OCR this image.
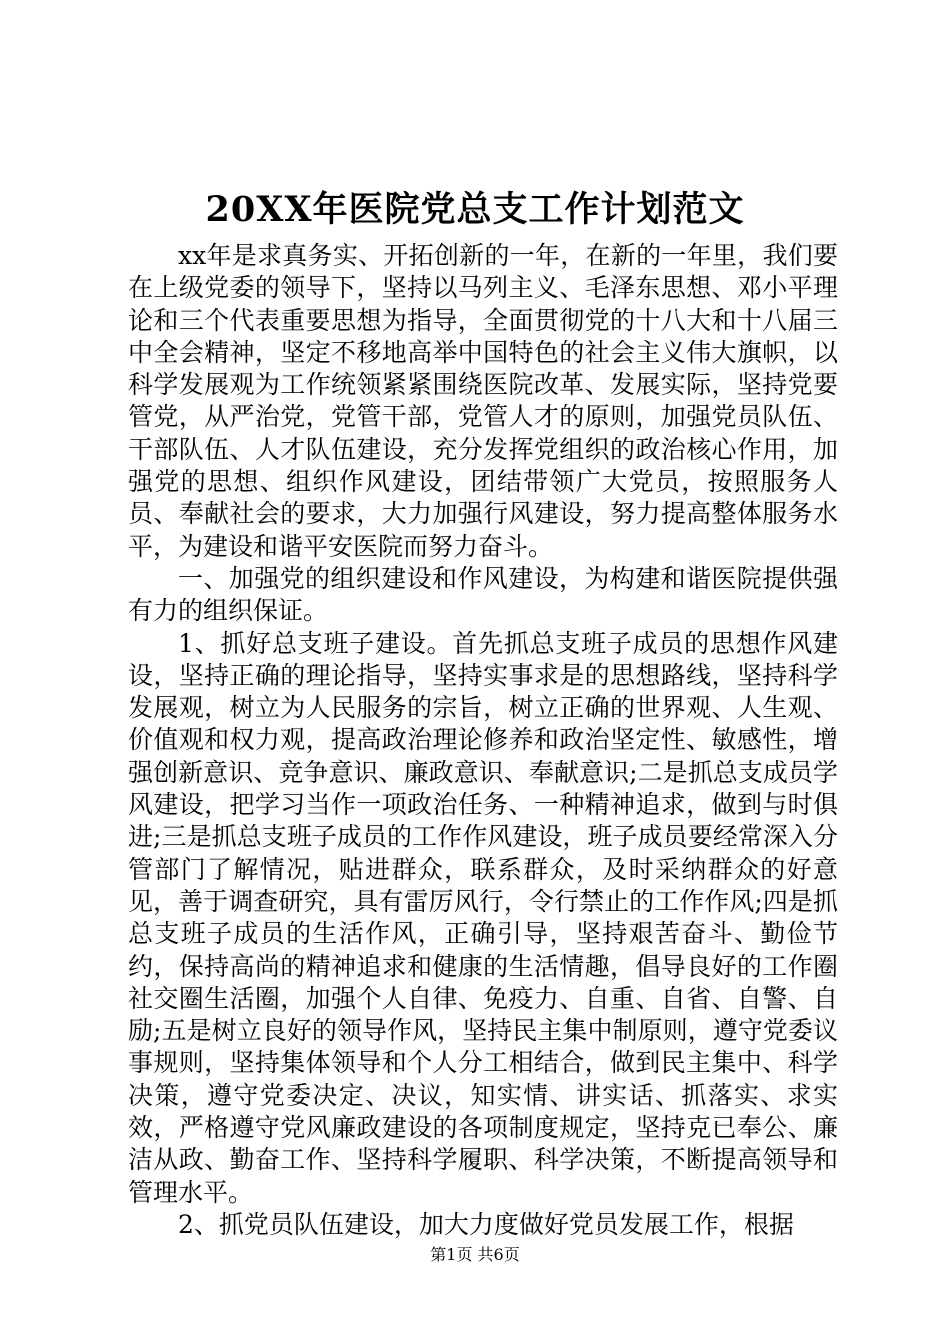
20XX年医院党总支工作计划范文

xx年是求真务实、开拓创新的一年，在新的一年里，我们要在上级党委的领导下，坚持以马列主义、毛泽东思想、邓小平理论和三个代表重要思想为指导，全面贯彻党的十八大和十八届三中全会精神，坚定不移地高举中国特色的社会主义伟大旗帜，以科学发展观为工作统领紧紧围绕医院改革、发展实际，坚持党要管党，从严治党，党管干部，党管人才的原则，加强党员队伍、干部队伍、人才队伍建设，充分发挥党组织的政治核心作用，加强党的思想、组织作风建设，团结带领广大党员，按照服务人员、奉献社会的要求，大力加强行风建设，努力提高整体服务水平，为建设和谐平安医院而努力奋斗。

一、加强党的组织建设和作风建设，为构建和谐医院提供强有力的组织保证。

1、抓好总支班子建设。首先抓总支班子成员的思想作风建设，坚持正确的理论指导，坚持实事求是的思想路线，坚持科学发展观，树立为人民服务的宗旨，树立正确的世界观、人生观、价值观和权力观，提高政治理论修养和政治坚定性、敏感性，增强创新意识、竞争意识、廉政意识、奉献意识;二是抓总支成员学风建设，把学习当作一项政治任务、一种精神追求，做到与时俱进;三是抓总支班子成员的工作作风建设，班子成员要经常深入分管部门了解情况，贴进群众，联系群众，及时采纳群众的好意见，善于调查研究，具有雷厉风行，令行禁止的工作作风;四是抓总支班子成员的生活作风，正确引导，坚持艰苦奋斗、勤俭节约，保持高尚的精神追求和健康的生活情趣，倡导良好的工作圈社交圈生活圈，加强个人自律、免疫力、自重、自省、自警、自励;五是树立良好的领导作风，坚持民主集中制原则，遵守党委议事规则，坚持集体领导和个人分工相结合，做到民主集中、科学决策，遵守党委决定、决议，知实情、讲实话、抓落实、求实效，严格遵守党风廉政建设的各项制度规定，坚持克已奉公、廉洁从政、勤奋工作、坚持科学履职、科学决策，不断提高领导和管理水平。

2、抓党员队伍建设，加大力度做好党员发展工作，根据

第1页 共6页
